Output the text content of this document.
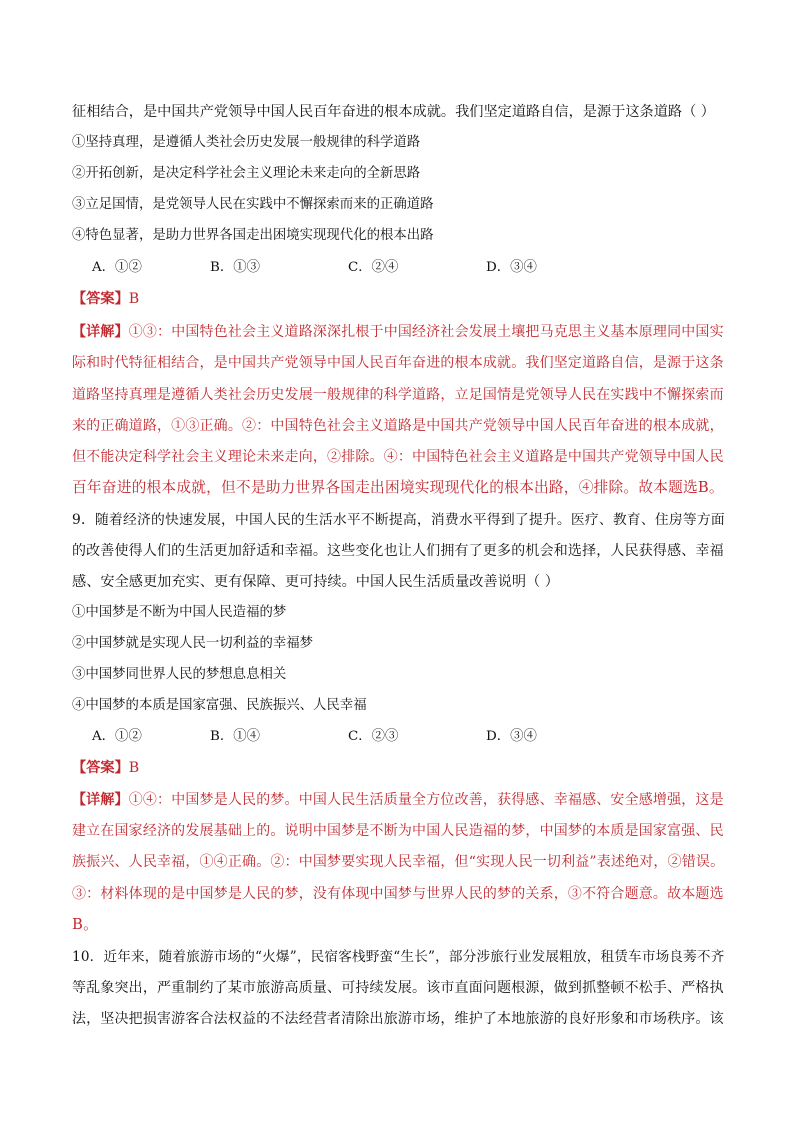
征相结合，是中国共产党领导中国人民百年奋进的根本成就。我们坚定道路自信，是源于这条道路（ ）
①坚持真理，是遵循人类社会历史发展一般规律的科学道路
②开拓创新，是决定科学社会主义理论未来走向的全新思路
③立足国情，是党领导人民在实践中不懈探索而来的正确道路
④特色显著，是助力世界各国走出困境实现现代化的根本出路
A．①②	B．①③	C．②④	D．③④
【答案】B
【详解】①③：中国特色社会主义道路深深扎根于中国经济社会发展土壤把马克思主义基本原理同中国实
际和时代特征相结合，是中国共产党领导中国人民百年奋进的根本成就。我们坚定道路自信，是源于这条
道路坚持真理是遵循人类社会历史发展一般规律的科学道路，立足国情是党领导人民在实践中不懈探索而
来的正确道路，①③正确。②：中国特色社会主义道路是中国共产党领导中国人民百年奋进的根本成就，
但不能决定科学社会主义理论未来走向，②排除。④：中国特色社会主义道路是中国共产党领导中国人民
百年奋进的根本成就，但不是助力世界各国走出困境实现现代化的根本出路，④排除。故本题选B。
9．随着经济的快速发展，中国人民的生活水平不断提高，消费水平得到了提升。医疗、教育、住房等方面
的改善使得人们的生活更加舒适和幸福。这些变化也让人们拥有了更多的机会和选择，人民获得感、幸福
感、安全感更加充实、更有保障、更可持续。中国人民生活质量改善说明（ ）
①中国梦是不断为中国人民造福的梦
②中国梦就是实现人民一切利益的幸福梦
③中国梦同世界人民的梦想息息相关
④中国梦的本质是国家富强、民族振兴、人民幸福
A．①②	B．①④	C．②③	D．③④
【答案】B
【详解】①④：中国梦是人民的梦。中国人民生活质量全方位改善，获得感、幸福感、安全感增强，这是
建立在国家经济的发展基础上的。说明中国梦是不断为中国人民造福的梦，中国梦的本质是国家富强、民
族振兴、人民幸福，①④正确。②：中国梦要实现人民幸福，但“实现人民一切利益”表述绝对，②错误。
③：材料体现的是中国梦是人民的梦，没有体现中国梦与世界人民的梦的关系，③不符合题意。故本题选
B。
10．近年来，随着旅游市场的“火爆”，民宿客栈野蛮“生长”，部分涉旅行业发展粗放，租赁车市场良莠不齐
等乱象突出，严重制约了某市旅游高质量、可持续发展。该市直面问题根源，做到抓整顿不松手、严格执
法，坚决把损害游客合法权益的不法经营者清除出旅游市场，维护了本地旅游的良好形象和市场秩序。该
